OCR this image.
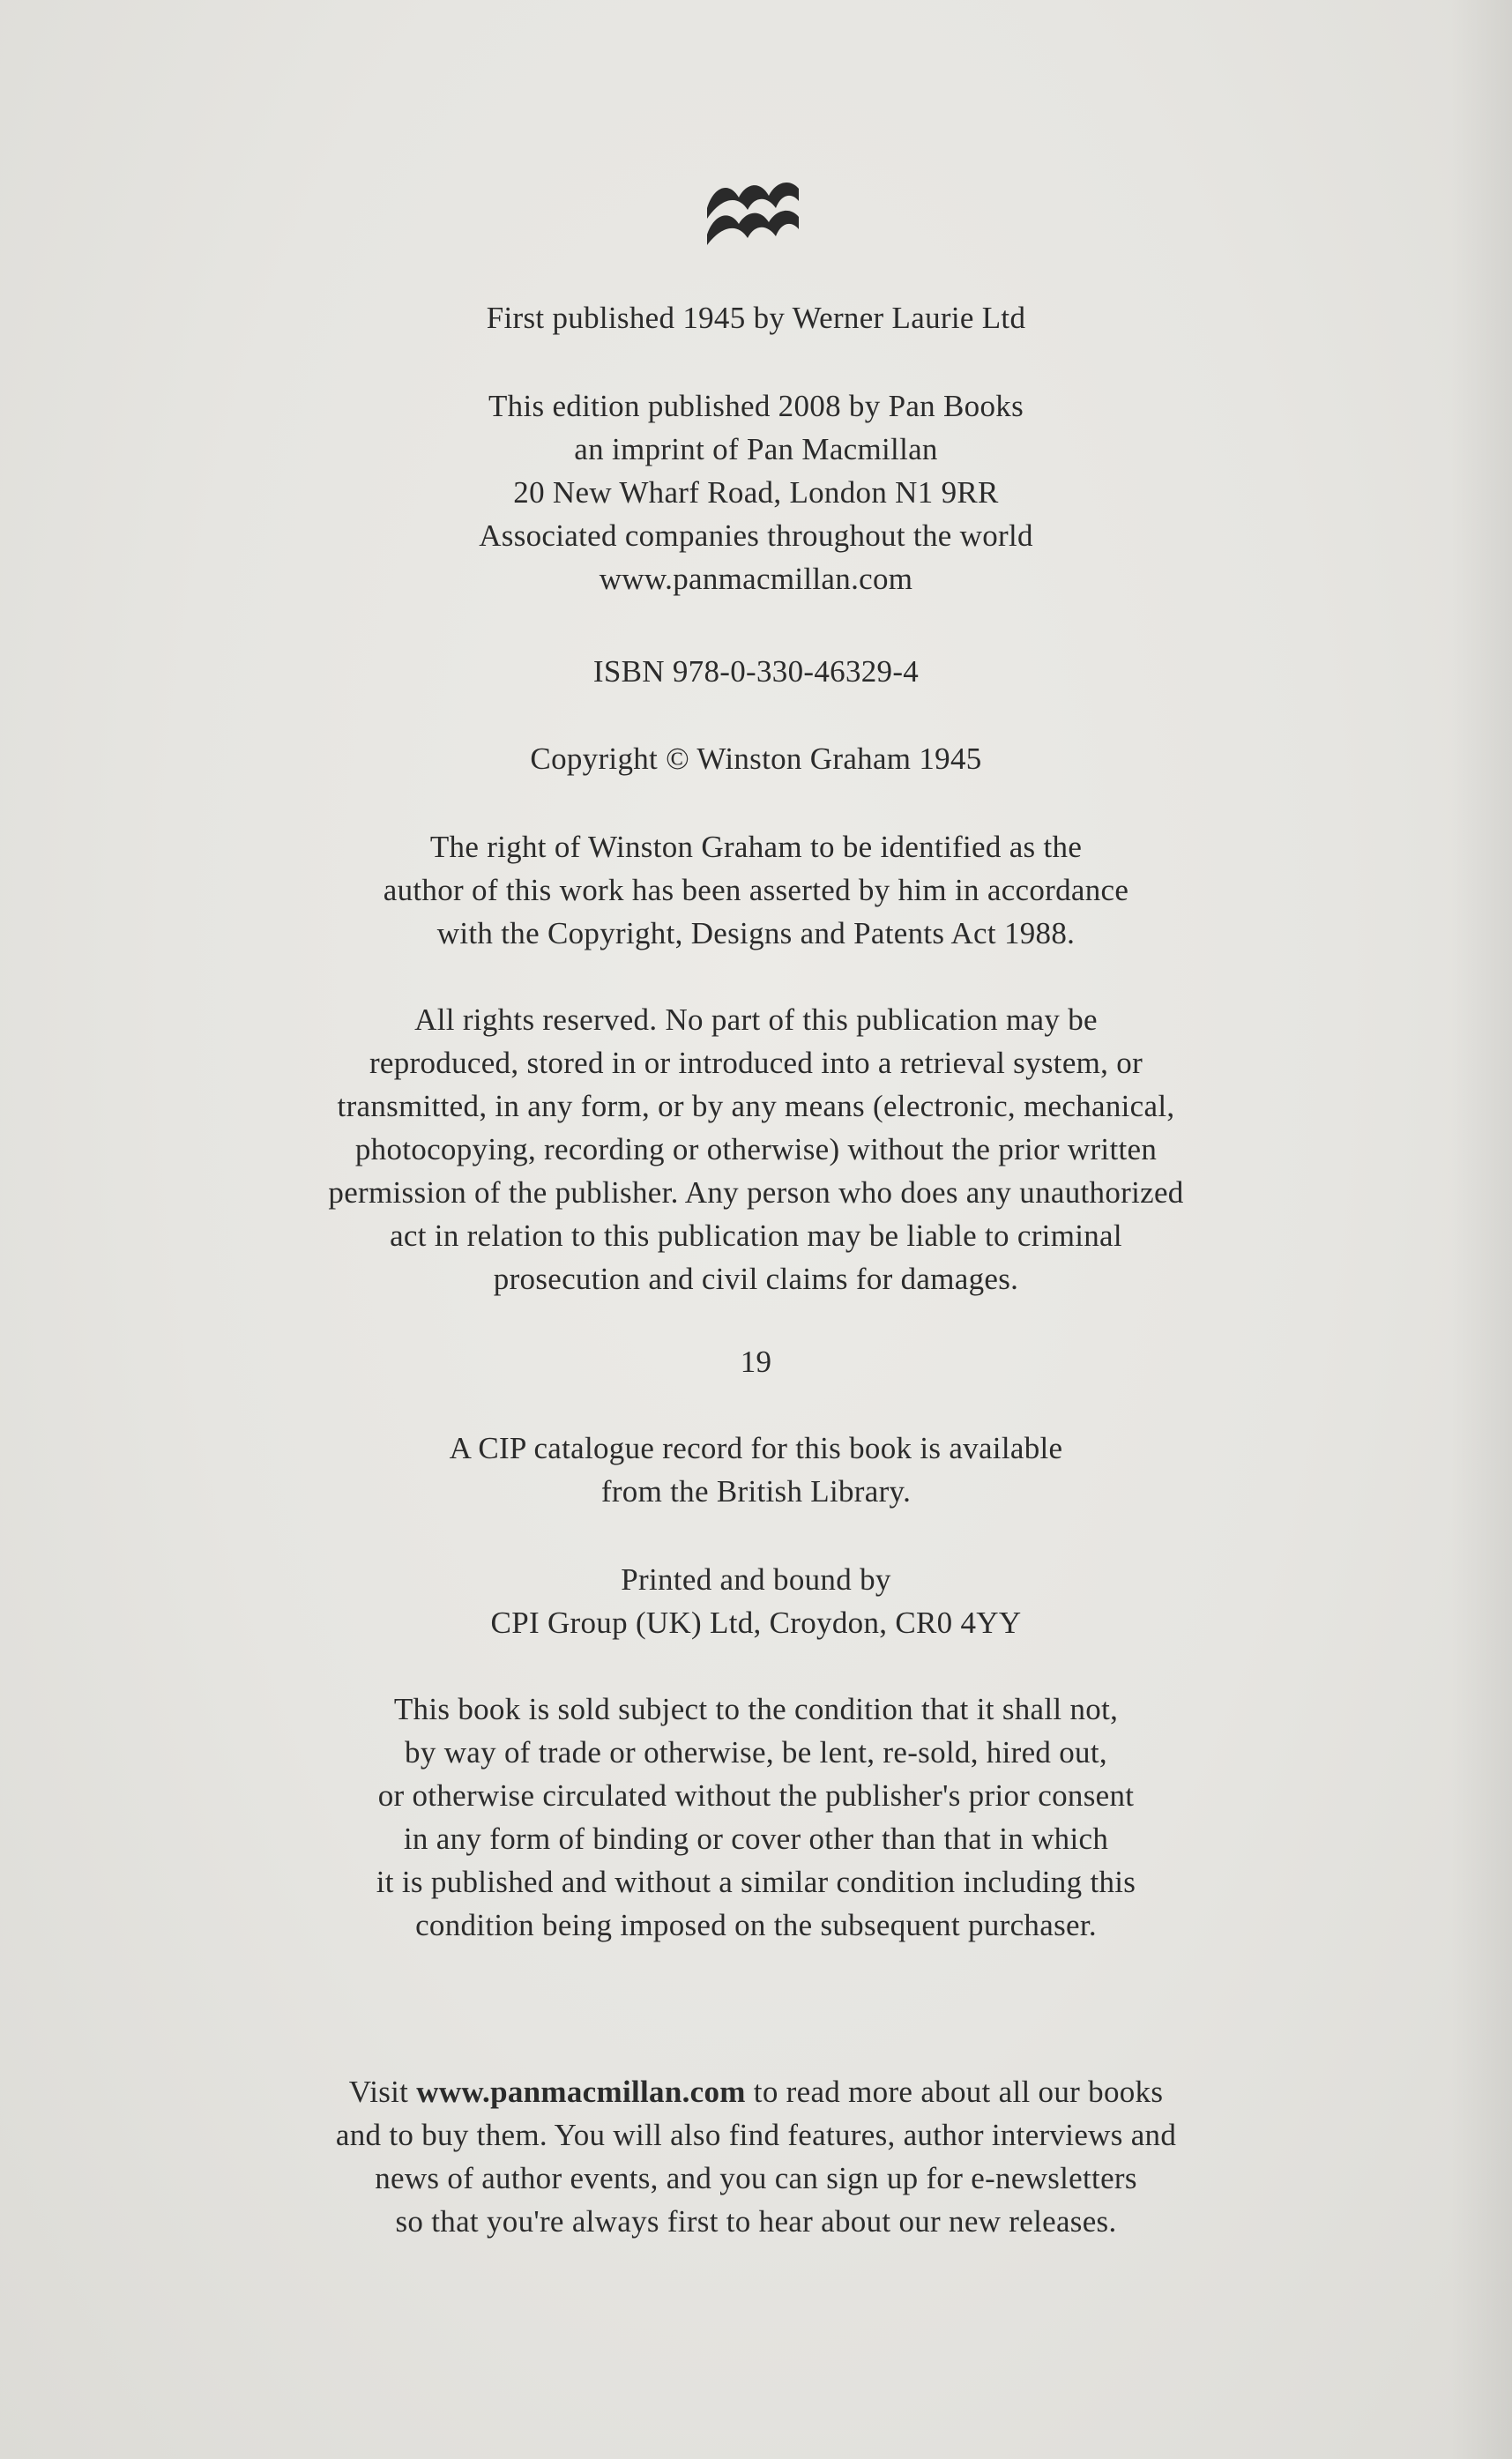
First published 1945 by Werner Laurie Ltd
This edition published 2008 by Pan Books
an imprint of Pan Macmillan
20 New Wharf Road, London N1 9RR
Associated companies throughout the world
www.panmacmillan.com
ISBN 978-0-330-46329-4
Copyright © Winston Graham 1945
The right of Winston Graham to be identified as the
author of this work has been asserted by him in accordance
with the Copyright, Designs and Patents Act 1988.
All rights reserved. No part of this publication may be
reproduced, stored in or introduced into a retrieval system, or
transmitted, in any form, or by any means (electronic, mechanical,
photocopying, recording or otherwise) without the prior written
permission of the publisher. Any person who does any unauthorized
act in relation to this publication may be liable to criminal
prosecution and civil claims for damages.
19
A CIP catalogue record for this book is available
from the British Library.
Printed and bound by
CPI Group (UK) Ltd, Croydon, CR0 4YY
This book is sold subject to the condition that it shall not,
by way of trade or otherwise, be lent, re-sold, hired out,
or otherwise circulated without the publisher's prior consent
in any form of binding or cover other than that in which
it is published and without a similar condition including this
condition being imposed on the subsequent purchaser.
Visit www.panmacmillan.com to read more about all our books
and to buy them. You will also find features, author interviews and
news of author events, and you can sign up for e-newsletters
so that you're always first to hear about our new releases.
